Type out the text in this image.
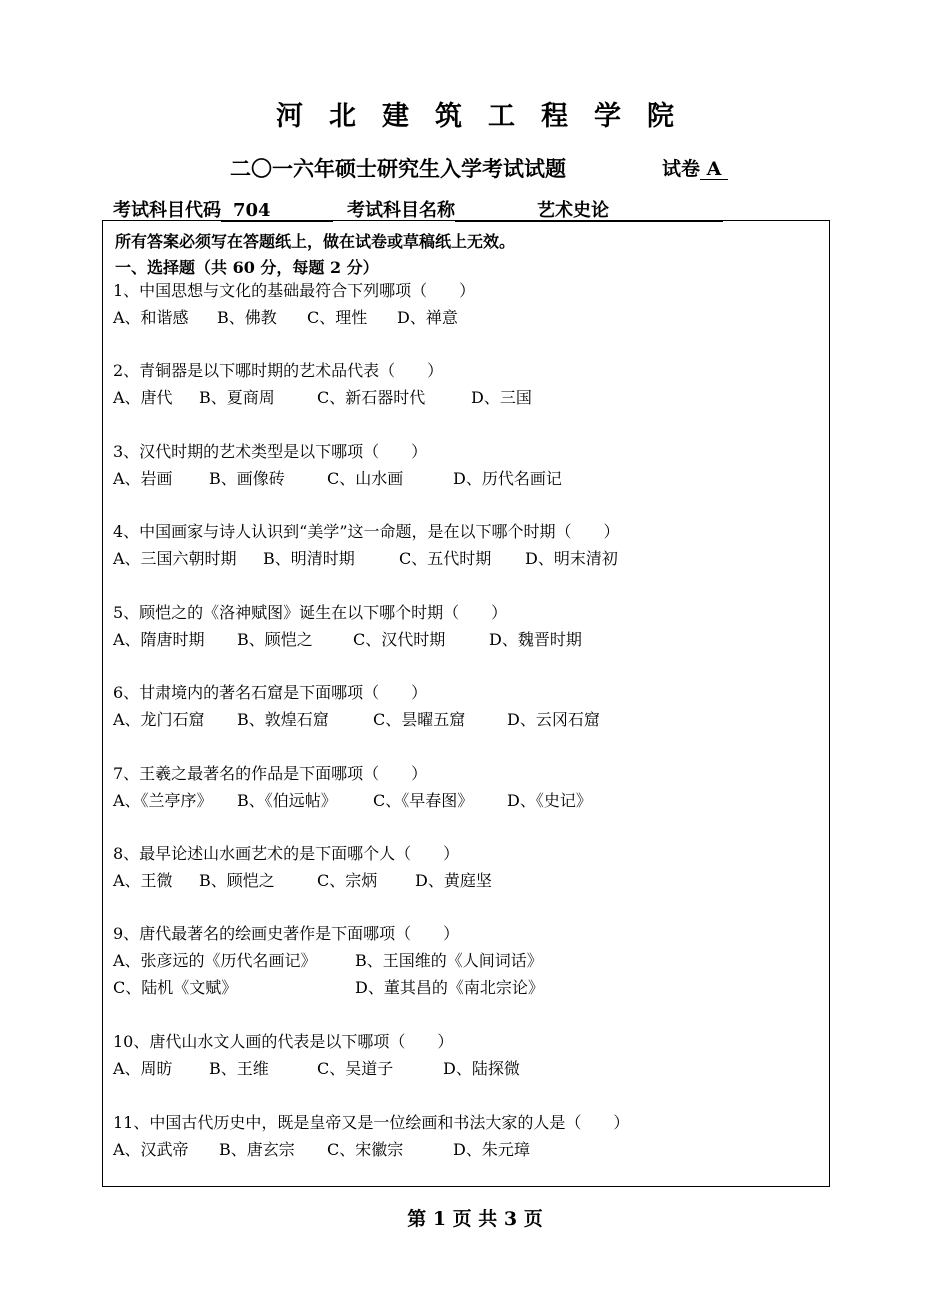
河北建筑工程学院
二〇一六年硕士研究生入学考试试题	试卷 A
考试科目代码 704	考试科目名称	艺术史论
所有答案必须写在答题纸上，做在试卷或草稿纸上无效。
一、选择题（共 60 分，每题 2 分）
1、中国思想与文化的基础最符合下列哪项（　　）
A、和谐感 B、佛教 C、理性 D、禅意
2、青铜器是以下哪时期的艺术品代表（　　）
A、唐代 B、夏商周	C、新石器时代	D、三国
3、汉代时期的艺术类型是以下哪项（　　）
A、岩画 B、画像砖	C、山水画	D、历代名画记
4、中国画家与诗人认识到“美学”这一命题，是在以下哪个时期（　　）
A、三国六朝时期 B、明清时期	C、五代时期 D、明末清初
5、顾恺之的《洛神赋图》诞生在以下哪个时期（　　）
A、隋唐时期 B、顾恺之	C、汉代时期	D、魏晋时期
6、甘肃境内的著名石窟是下面哪项（　　）
A、龙门石窟 B、敦煌石窟	C、昙曜五窟	D、云冈石窟
7、王羲之最著名的作品是下面哪项（　　）
A、《兰亭序》 B、《伯远帖》 C、《早春图》 D、《史记》
8、最早论述山水画艺术的是下面哪个人（　　）
A、王微 B、顾恺之	C、宗炳 D、黄庭坚
9、唐代最著名的绘画史著作是下面哪项（　　）
A、张彦远的《历代名画记》 B、王国维的《人间词话》
C、陆机《文赋》	D、董其昌的《南北宗论》
10、唐代山水文人画的代表是以下哪项（　　）
A、周昉 B、王维	C、吴道子	D、陆探微
11、中国古代历史中，既是皇帝又是一位绘画和书法大家的人是（　　）
A、汉武帝 B、唐玄宗 C、宋徽宗	D、朱元璋
第 1 页 共 3 页
